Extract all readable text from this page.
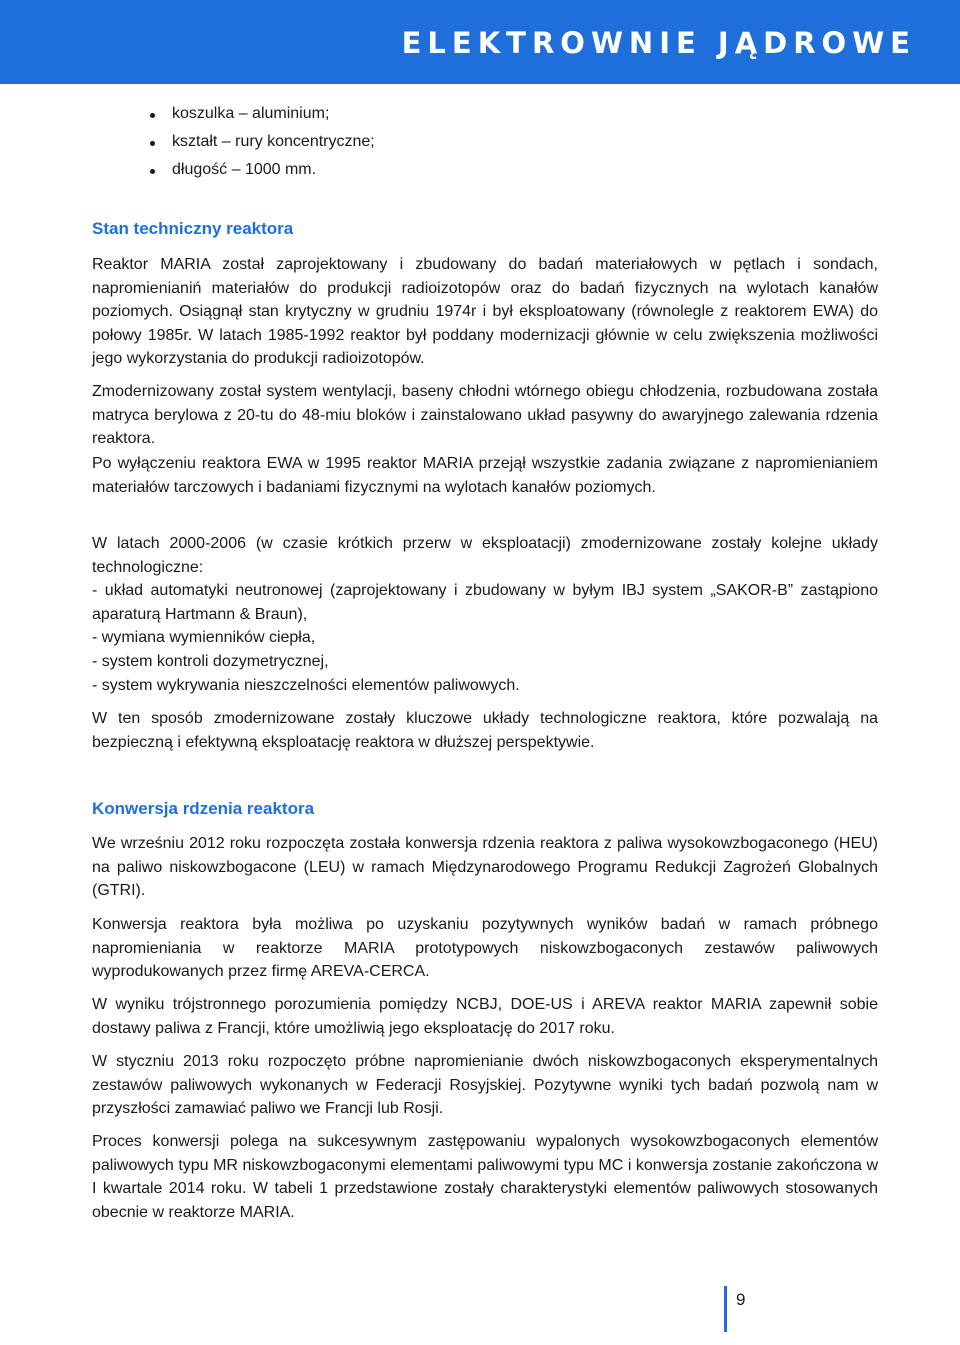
ELEKTROWNIE JĄDROWE
koszulka – aluminium;
kształt – rury koncentryczne;
długość – 1000 mm.
Stan techniczny reaktora

Reaktor MARIA został zaprojektowany i zbudowany do badań materiałowych w pętlach i sondach, napromienianiń materiałów do produkcji radioizotopów oraz do badań fizycznych na wylotach kanałów poziomych. Osiągnął stan krytyczny w grudniu 1974r i był eksploatowany (równolegle z reaktorem EWA) do połowy 1985r. W latach 1985-1992 reaktor był poddany modernizacji głównie w celu zwiększenia możliwości jego wykorzystania do produkcji radioizotopów.

Zmodernizowany został system wentylacji, baseny chłodni wtórnego obiegu chłodzenia, rozbudowana została matryca berylowa z 20-tu do 48-miu bloków i zainstalowano układ pasywny do awaryjnego zalewania rdzenia reaktora.

Po wyłączeniu reaktora EWA w 1995 reaktor MARIA przejął wszystkie zadania związane z napromienianiem materiałów tarczowych i badaniami fizycznymi na wylotach kanałów poziomych.

W latach 2000-2006 (w czasie krótkich przerw w eksploatacji) zmodernizowane zostały kolejne układy technologiczne:
- układ automatyki neutronowej (zaprojektowany i zbudowany w byłym IBJ system „SAKOR-B” zastąpiono aparaturą Hartmann & Braun),
- wymiana wymienników ciepła,
- system kontroli dozymetrycznej,
- system wykrywania nieszczelności elementów paliwowych.

W ten sposób zmodernizowane zostały kluczowe układy technologiczne reaktora, które pozwalają na bezpieczną i efektywną eksploatację reaktora w dłuższej perspektywie.

Konwersja rdzenia reaktora

We wrześniu 2012 roku rozpoczęta została konwersja rdzenia reaktora z paliwa wysokowzbogaconego (HEU) na paliwo niskowzbogacone (LEU) w ramach Międzynarodowego Programu Redukcji Zagrożeń Globalnych (GTRI).

Konwersja reaktora była możliwa po uzyskaniu pozytywnych wyników badań w ramach próbnego napromieniania w reaktorze MARIA prototypowych niskowzbogaconych zestawów paliwowych wyprodukowanych przez firmę AREVA-CERCA.

W wyniku trójstronnego porozumienia pomiędzy NCBJ, DOE-US i AREVA reaktor MARIA zapewnił sobie dostawy paliwa z Francji, które umożliwią jego eksploatację do 2017 roku.

W styczniu 2013 roku rozpoczęto próbne napromienianie dwóch niskowzbogaconych eksperymentalnych zestawów paliwowych wykonanych w Federacji Rosyjskiej. Pozytywne wyniki tych badań pozwolą nam w przyszłości zamawiać paliwo we Francji lub Rosji.

Proces konwersji polega na sukcesywnym zastępowaniu wypalonych wysokowzbogaconych elementów paliwowych typu MR niskowzbogaconymi elementami paliwowymi typu MC i konwersja zostanie zakończona w I kwartale 2014 roku. W tabeli 1 przedstawione zostały charakterystyki elementów paliwowych stosowanych obecnie w reaktorze MARIA.

9
